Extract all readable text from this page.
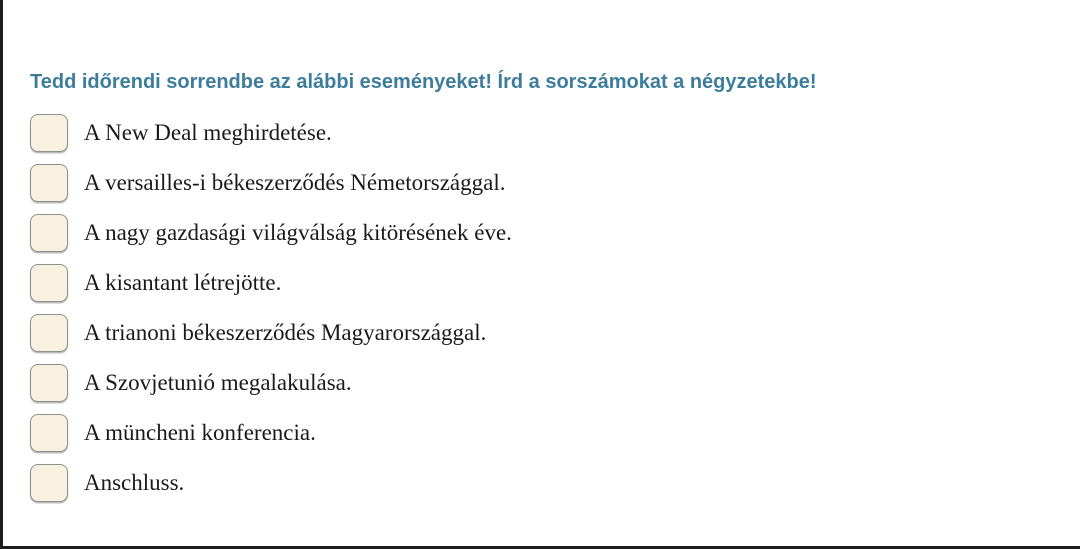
Tedd időrendi sorrendbe az alábbi eseményeket! Írd a sorszámokat a négyzetekbe!
A New Deal meghirdetése.
A versailles-i békeszerződés Németországgal.
A nagy gazdasági világválság kitörésének éve.
A kisantant létrejötte.
A trianoni békeszerződés Magyarországgal.
A Szovjetunió megalakulása.
A müncheni konferencia.
Anschluss.
